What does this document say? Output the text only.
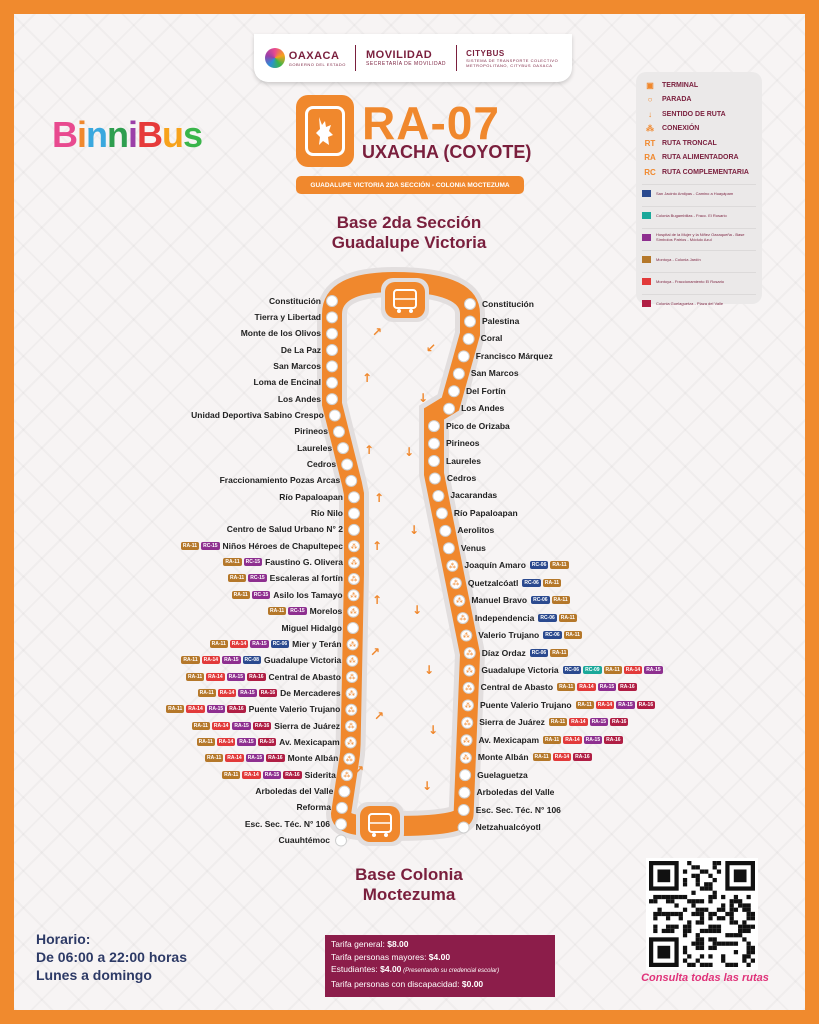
OAXACA
GOBIERNO DEL ESTADO
MOVILIDAD
SECRETARÍA DE MOVILIDAD
CITYBUS
SISTEMA DE TRANSPORTE COLECTIVO METROPOLITANO, CITYBUS OAXACA
BinniBus	RA-07
UXACHA (COYOTE)
GUADALUPE VICTORIA 2DA SECCIÓN - COLONIA MOCTEZUMA
▣	TERMINAL
○	PARADA
↓	SENTIDO DE RUTA
⁂	CONEXIÓN
RT RUTA TRONCAL
RA RUTA ALIMENTADORA
RC RUTA COMPLEMENTARIA
San Jacinto Amilpas - Camino a Huayápam
Colonia Bugambilias - Fracc. El Rosario
Hospital de la Mujer y la Niñez Oaxaqueña - Base Símbolos Patrios - Módulo Azul
Montoya - Colonia Jardín
Montoya - Fraccionamiento El Rosario
Colonia Guelaguetza - Plaza del Valle
Base 2da Sección
Guadalupe Victoria
⁂
⁂
⁂
⁂
⁂
⁂
⁂
⁂
⁂
⁂
⁂
⁂
⁂
⁂
⁂
⁂
⁂
⁂
⁂
⁂
⁂
⁂
⁂
⁂
⁂
⁂
↗
↑
↑
↑
↑
↑
↗
↗
↗
↙
↓
↓
↓
↓
↓
↓
↓
Constitución
Tierra y Libertad
Monte de los Olivos
De La Paz
San Marcos
Loma de Encinal
Los Andes
Unidad Deportiva Sabino Crespo
Pirineos
Laureles
Cedros
Fraccionamiento Pozas Arcas
Río Papaloapan
Río Nilo
Centro de Salud Urbano N° 2
RA-11	RC-15 Niños Héroes de Chapultepec
RA-11	RC-15 Faustino G. Olivera
RA-11	RC-15 Escaleras al fortín
RA-11	RC-15 Asilo los Tamayo
RA-11	RC-15 Morelos
Miguel Hidalgo
RA-11	RA-14	RA-15	RC-06 Mier y Terán
RA-11	RA-14	RA-15	RC-08 Guadalupe Victoria
RA-11	RA-14	RA-15	RA-16 Central de Abasto
RA-11	RA-14	RA-15	RA-16 De Mercaderes
RA-11	RA-14	RA-15	RA-16 Puente Valerio Trujano
RA-11	RA-14	RA-15	RA-16 Sierra de Juárez
RA-11	RA-14	RA-15	RA-16 Av. Mexicapam
RA-11	RA-14	RA-15	RA-16 Monte Albán
RA-11	RA-14	RA-15	RA-16 Siderita
Arboledas del Valle
Reforma
Esc. Sec. Téc. N° 106
Cuauhtémoc
Constitución
Palestina
Coral
Francisco Márquez
San Marcos
Del Fortín
Los Andes
Pico de Orizaba
Pirineos
Laureles
Cedros
Jacarandas
Río Papaloapan
Aerolitos
Venus
Joaquín Amaro	RC-06	RA-11
Quetzalcóatl	RC-06	RA-11
Manuel Bravo	RC-06	RA-11
Independencia	RC-06	RA-11
Valerio Trujano	RC-06	RA-11
Díaz Ordaz	RC-06	RA-11
Guadalupe Victoria	RC-06	RC-09	RA-11	RA-14	RA-15
Central de Abasto	RA-11	RA-14	RA-15	RA-16
Puente Valerio Trujano	RA-11	RA-14	RA-15	RA-16
Sierra de Juárez	RA-11	RA-14	RA-15	RA-16
Av. Mexicapam	RA-11	RA-14	RA-15	RA-16
Monte Albán	RA-11	RA-14	RA-16
Guelaguetza
Arboledas del Valle
Esc. Sec. Téc. N° 106
Netzahualcóyotl
Base Colonia
Moctezuma
Horario:
De 06:00 a 22:00 horas
Lunes a domingo
Tarifa general: $8.00
Tarifa personas mayores: $4.00
Estudiantes: $4.00 (Presentando su credencial escolar)
Tarifa personas con discapacidad: $0.00	Consulta todas las rutas
